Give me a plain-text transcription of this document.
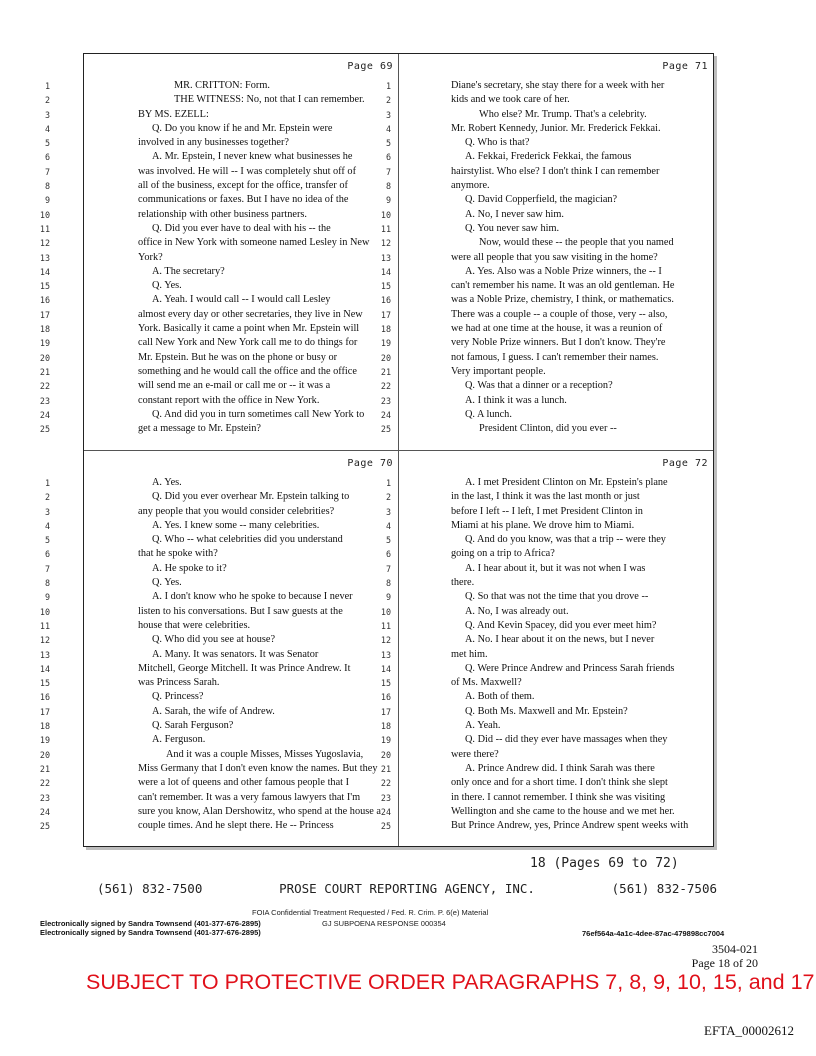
Page 69
1	MR. CRITTON: Form.
2	THE WITNESS: No, not that I can remember.
3	BY MS. EZELL:
4	Q. Do you know if he and Mr. Epstein were
5	involved in any businesses together?
6	A. Mr. Epstein, I never knew what businesses he
7	was involved. He will -- I was completely shut off of
8	all of the business, except for the office, transfer of
9	communications or faxes. But I have no idea of the
10	relationship with other business partners.
11	Q. Did you ever have to deal with his -- the
12	office in New York with someone named Lesley in New
13	York?
14	A. The secretary?
15	Q. Yes.
16	A. Yeah. I would call -- I would call Lesley
17	almost every day or other secretaries, they live in New
18	York. Basically it came a point when Mr. Epstein will
19	call New York and New York call me to do things for
20	Mr. Epstein. But he was on the phone or busy or
21	something and he would call the office and the office
22	will send me an e-mail or call me or -- it was a
23	constant report with the office in New York.
24	Q. And did you in turn sometimes call New York to
25	get a message to Mr. Epstein?
Page 71
1	Diane's secretary, she stay there for a week with her
2	kids and we took care of her.
3	Who else? Mr. Trump. That's a celebrity.
4	Mr. Robert Kennedy, Junior. Mr. Frederick Fekkai.
5	Q. Who is that?
6	A. Fekkai, Frederick Fekkai, the famous
7	hairstylist. Who else? I don't think I can remember
8	anymore.
9	Q. David Copperfield, the magician?
10	A. No, I never saw him.
11	Q. You never saw him.
12	Now, would these -- the people that you named
13	were all people that you saw visiting in the home?
14	A. Yes. Also was a Noble Prize winners, the -- I
15	can't remember his name. It was an old gentleman. He
16	was a Noble Prize, chemistry, I think, or mathematics.
17	There was a couple -- a couple of those, very -- also,
18	we had at one time at the house, it was a reunion of
19	very Noble Prize winners. But I don't know. They're
20	not famous, I guess. I can't remember their names.
21	Very important people.
22	Q. Was that a dinner or a reception?
23	A. I think it was a lunch.
24	Q. A lunch.
25	President Clinton, did you ever --
Page 70
1	A. Yes.
2	Q. Did you ever overhear Mr. Epstein talking to
3	any people that you would consider celebrities?
4	A. Yes. I knew some -- many celebrities.
5	Q. Who -- what celebrities did you understand
6	that he spoke with?
7	A. He spoke to it?
8	Q. Yes.
9	A. I don't know who he spoke to because I never
10	listen to his conversations. But I saw guests at the
11	house that were celebrities.
12	Q. Who did you see at house?
13	A. Many. It was senators. It was Senator
14	Mitchell, George Mitchell. It was Prince Andrew. It
15	was Princess Sarah.
16	Q. Princess?
17	A. Sarah, the wife of Andrew.
18	Q. Sarah Ferguson?
19	A. Ferguson.
20	And it was a couple Misses, Misses Yugoslavia,
21	Miss Germany that I don't even know the names. But they
22	were a lot of queens and other famous people that I
23	can't remember. It was a very famous lawyers that I'm
24	sure you know, Alan Dershowitz, who spend at the house a
25	couple times. And he slept there. He -- Princess
Page 72
1	A. I met President Clinton on Mr. Epstein's plane
2	in the last, I think it was the last month or just
3	before I left -- I left, I met President Clinton in
4	Miami at his plane. We drove him to Miami.
5	Q. And do you know, was that a trip -- were they
6	going on a trip to Africa?
7	A. I hear about it, but it was not when I was
8	there.
9	Q. So that was not the time that you drove --
10	A. No, I was already out.
11	Q. And Kevin Spacey, did you ever meet him?
12	A. No. I hear about it on the news, but I never
13	met him.
14	Q. Were Prince Andrew and Princess Sarah friends
15	of Ms. Maxwell?
16	A. Both of them.
17	Q. Both Ms. Maxwell and Mr. Epstein?
18	A. Yeah.
19	Q. Did -- did they ever have massages when they
20	were there?
21	A. Prince Andrew did. I think Sarah was there
22	only once and for a short time. I don't think she slept
23	in there. I cannot remember. I think she was visiting
24	Wellington and she came to the house and we met her.
25	But Prince Andrew, yes, Prince Andrew spent weeks with
18 (Pages 69 to 72)
(561) 832-7500	PROSE COURT REPORTING AGENCY, INC.	(561) 832-7506
FOIA Confidential Treatment Requested / Fed. R. Crim. P. 6(e) Material
Electronically signed by Sandra Townsend (401-377-676-2895)
Electronically signed by Sandra Townsend (401-377-676-2895)
GJ SUBPOENA RESPONSE 000354
76ef564a-4a1c-4dee-87ac-479898cc7004
3504-021
Page 18 of 20
SUBJECT TO PROTECTIVE ORDER PARAGRAPHS 7, 8, 9, 10, 15, and 17
EFTA_00002612
